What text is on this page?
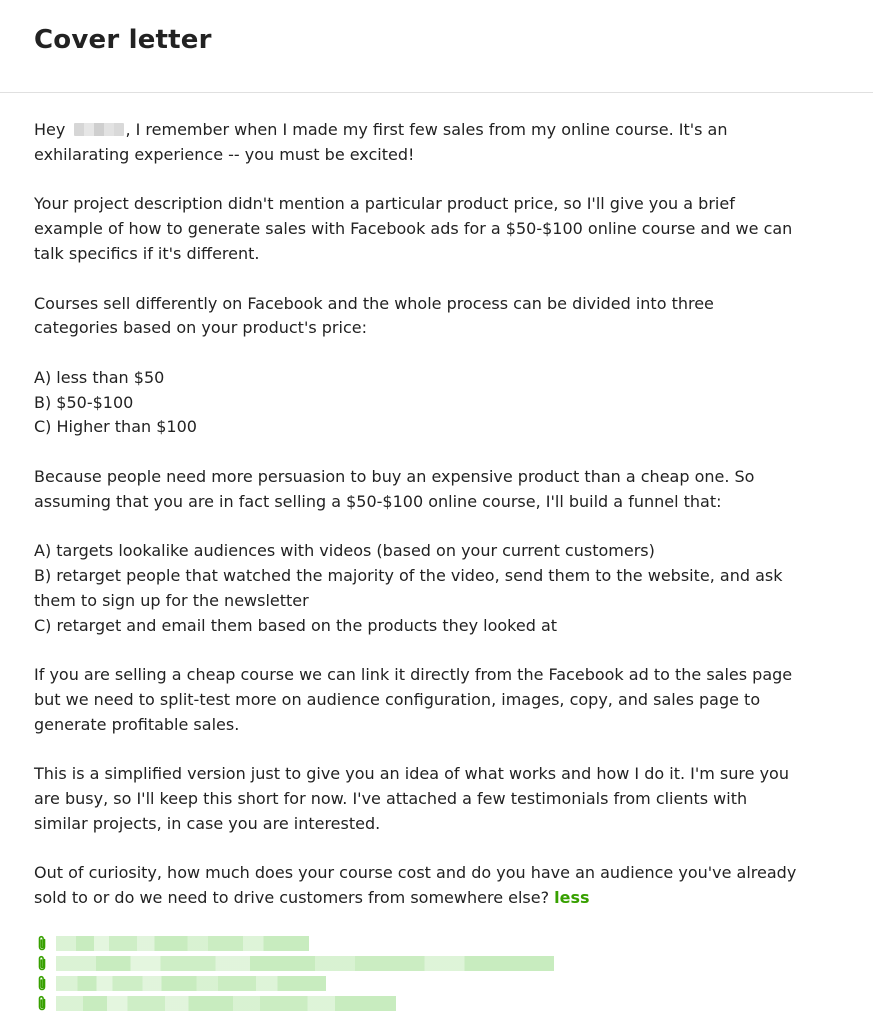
Cover letter

Hey	, I remember when I made my first few sales from my online course. It's an
exhilarating experience -- you must be excited!

Your project description didn't mention a particular product price, so I'll give you a brief
example of how to generate sales with Facebook ads for a $50-$100 online course and we can
talk specifics if it's different.

Courses sell differently on Facebook and the whole process can be divided into three
categories based on your product's price:

A) less than $50
B) $50-$100
C) Higher than $100

Because people need more persuasion to buy an expensive product than a cheap one. So
assuming that you are in fact selling a $50-$100 online course, I'll build a funnel that:

A) targets lookalike audiences with videos (based on your current customers)
B) retarget people that watched the majority of the video, send them to the website, and ask
them to sign up for the newsletter
C) retarget and email them based on the products they looked at

If you are selling a cheap course we can link it directly from the Facebook ad to the sales page
but we need to split-test more on audience configuration, images, copy, and sales page to
generate profitable sales.

This is a simplified version just to give you an idea of what works and how I do it. I'm sure you
are busy, so I'll keep this short for now. I've attached a few testimonials from clients with
similar projects, in case you are interested.

Out of curiosity, how much does your course cost and do you have an audience you've already
sold to or do we need to drive customers from somewhere else? less
